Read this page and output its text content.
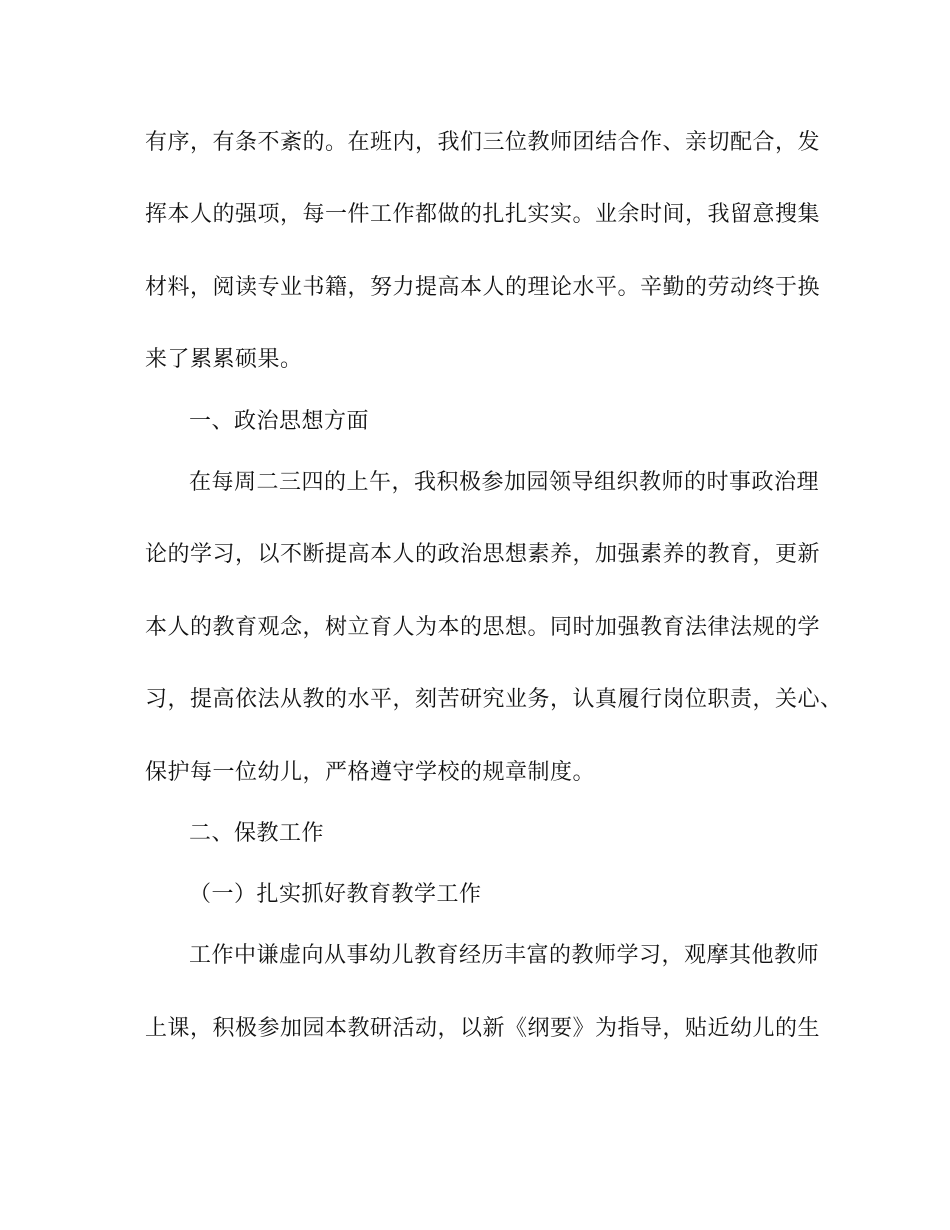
有序，有条不紊的。在班内，我们三位教师团结合作、亲切配合，发
挥本人的强项，每一件工作都做的扎扎实实。业余时间，我留意搜集
材料，阅读专业书籍，努力提高本人的理论水平。辛勤的劳动终于换
来了累累硕果。
一、政治思想方面
在每周二三四的上午，我积极参加园领导组织教师的时事政治理
论的学习，以不断提高本人的政治思想素养，加强素养的教育，更新
本人的教育观念，树立育人为本的思想。同时加强教育法律法规的学
习，提高依法从教的水平，刻苦研究业务，认真履行岗位职责，关心、
保护每一位幼儿，严格遵守学校的规章制度。
二、保教工作
（一）扎实抓好教育教学工作
工作中谦虚向从事幼儿教育经历丰富的教师学习，观摩其他教师
上课，积极参加园本教研活动，以新《纲要》为指导，贴近幼儿的生
